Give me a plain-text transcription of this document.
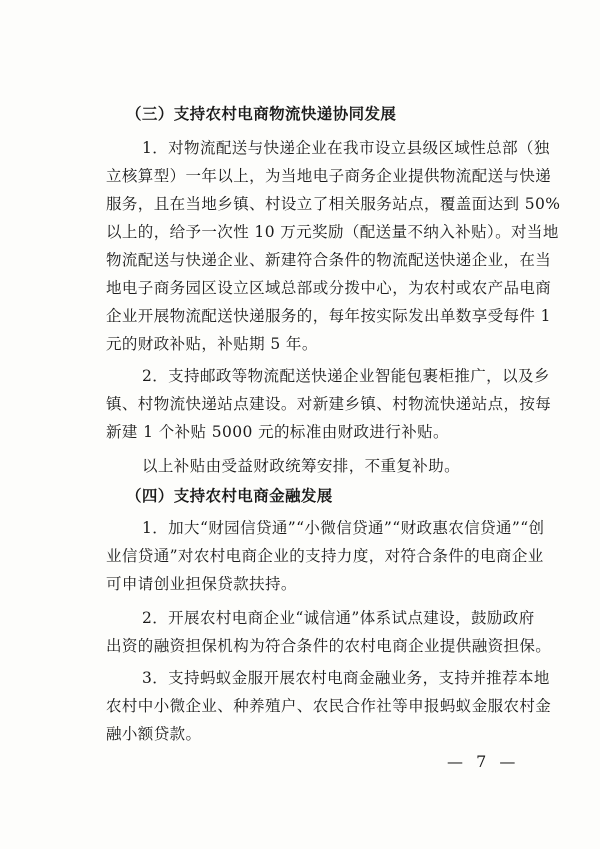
（三）支持农村电商物流快递协同发展
1．对物流配送与快递企业在我市设立县级区域性总部（独
立核算型）一年以上，为当地电子商务企业提供物流配送与快递
服务，且在当地乡镇、村设立了相关服务站点，覆盖面达到 50%
以上的，给予一次性 10 万元奖励（配送量不纳入补贴）。对当地
物流配送与快递企业、新建符合条件的物流配送快递企业，在当
地电子商务园区设立区域总部或分拨中心，为农村或农产品电商
企业开展物流配送快递服务的，每年按实际发出单数享受每件 1
元的财政补贴，补贴期 5 年。
2．支持邮政等物流配送快递企业智能包裹柜推广，以及乡
镇、村物流快递站点建设。对新建乡镇、村物流快递站点，按每
新建 1 个补贴 5000 元的标准由财政进行补贴。
以上补贴由受益财政统筹安排，不重复补助。
（四）支持农村电商金融发展
1．加大“财园信贷通”“小微信贷通”“财政惠农信贷通”“创
业信贷通”对农村电商企业的支持力度，对符合条件的电商企业
可申请创业担保贷款扶持。
2．开展农村电商企业“诚信通”体系试点建设，鼓励政府
出资的融资担保机构为符合条件的农村电商企业提供融资担保。
3．支持蚂蚁金服开展农村电商金融业务，支持并推荐本地
农村中小微企业、种养殖户、农民合作社等申报蚂蚁金服农村金
融小额贷款。
— 7 —
